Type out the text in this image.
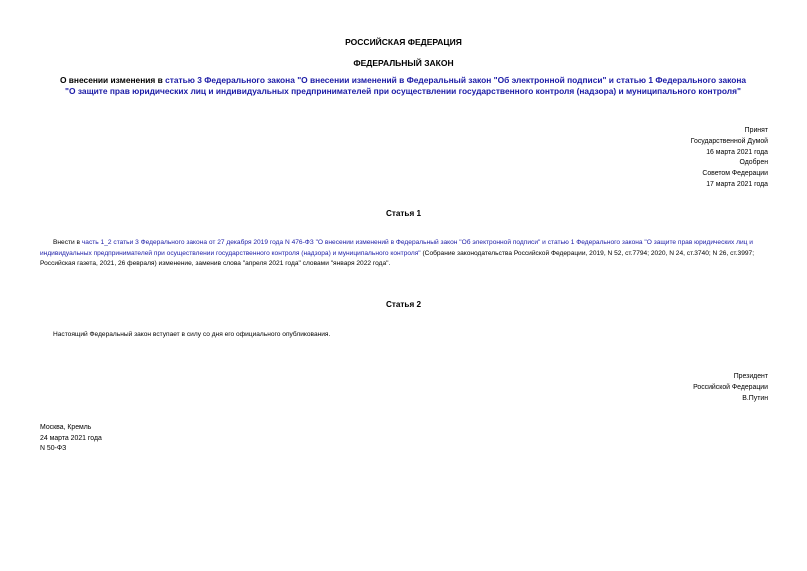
РОССИЙСКАЯ ФЕДЕРАЦИЯ
ФЕДЕРАЛЬНЫЙ ЗАКОН
О внесении изменения в статью 3 Федерального закона "О внесении изменений в Федеральный закон "Об электронной подписи" и статью 1 Федерального закона
"О защите прав юридических лиц и индивидуальных предпринимателей при осуществлении государственного контроля (надзора) и муниципального контроля"
Принят
Государственной Думой
16 марта 2021 года
Одобрен
Советом Федерации
17 марта 2021 года
Статья 1
Внести в часть 1_2 статьи 3 Федерального закона от 27 декабря 2019 года N 476-ФЗ "О внесении изменений в Федеральный закон "Об электронной подписи" и статью 1 Федерального закона "О защите прав юридических лиц и индивидуальных предпринимателей при осуществлении государственного контроля (надзора) и муниципального контроля" (Собрание законодательства Российской Федерации, 2019, N 52, ст.7794; 2020, N 24, ст.3740; N 26, ст.3997; Российская газета, 2021, 26 февраля) изменение, заменив слова "апреля 2021 года" словами "января 2022 года".
Статья 2
Настоящий Федеральный закон вступает в силу со дня его официального опубликования.
Президент
Российской Федерации
В.Путин
Москва, Кремль
24 марта 2021 года
N 50-ФЗ
